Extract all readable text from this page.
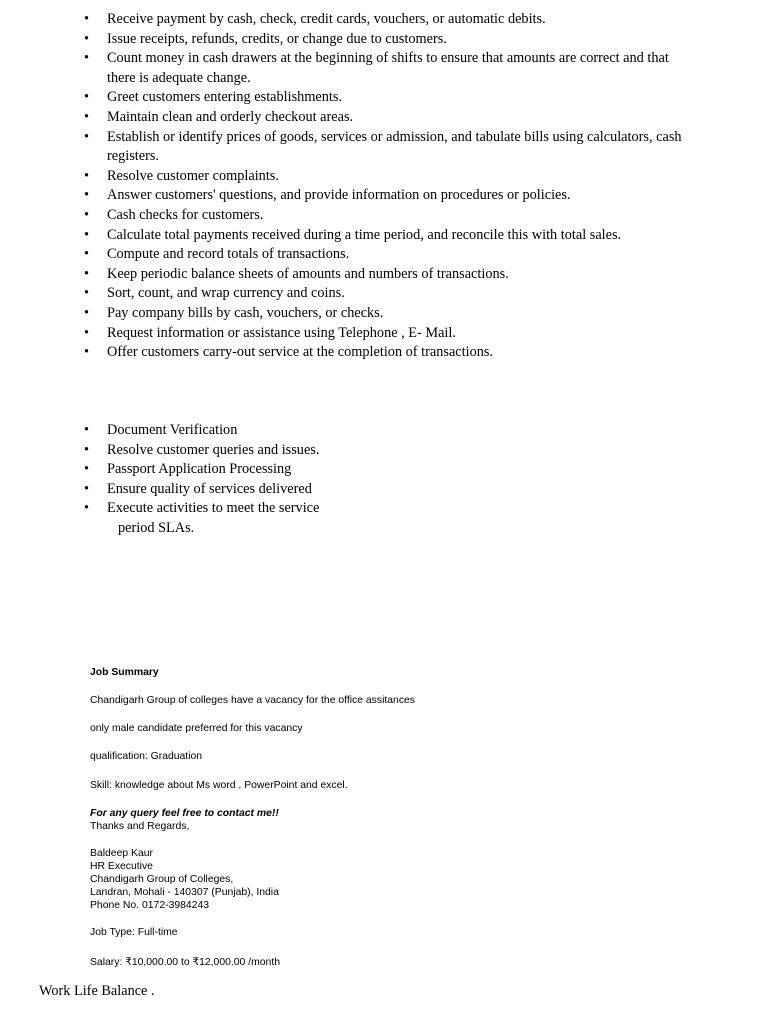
• Receive payment by cash, check, credit cards, vouchers, or automatic debits.
• Issue receipts, refunds, credits, or change due to customers.
• Count money in cash drawers at the beginning of shifts to ensure that amounts are correct and that there is adequate change.
• Greet customers entering establishments.
• Maintain clean and orderly checkout areas.
• Establish or identify prices of goods, services or admission, and tabulate bills using calculators, cash registers.
• Resolve customer complaints.
• Answer customers' questions, and provide information on procedures or policies.
• Cash checks for customers.
• Calculate total payments received during a time period, and reconcile this with total sales.
• Compute and record totals of transactions.
• Keep periodic balance sheets of amounts and numbers of transactions.
• Sort, count, and wrap currency and coins.
• Pay company bills by cash, vouchers, or checks.
• Request information or assistance using Telephone , E- Mail.
• Offer customers carry-out service at the completion of transactions.
• Document Verification
• Resolve customer queries and issues.
• Passport Application Processing
• Ensure quality of services delivered
• Execute activities to meet the service
period SLAs.

Job Summary

Chandigarh Group of colleges have a vacancy for the office assitances

only male candidate preferred for this vacancy

qualification: Graduation

Skill: knowledge about Ms word , PowerPoint and excel.

For any query feel free to contact me!!

Thanks and Regards,

Baldeep Kaur

HR Executive

Chandigarh Group of Colleges,

Landran, Mohali - 140307 (Punjab), India

Phone No. 0172-3984243

Job Type: Full-time

Salary: ₹10,000.00 to ₹12,000.00 /month

Work Life Balance .
